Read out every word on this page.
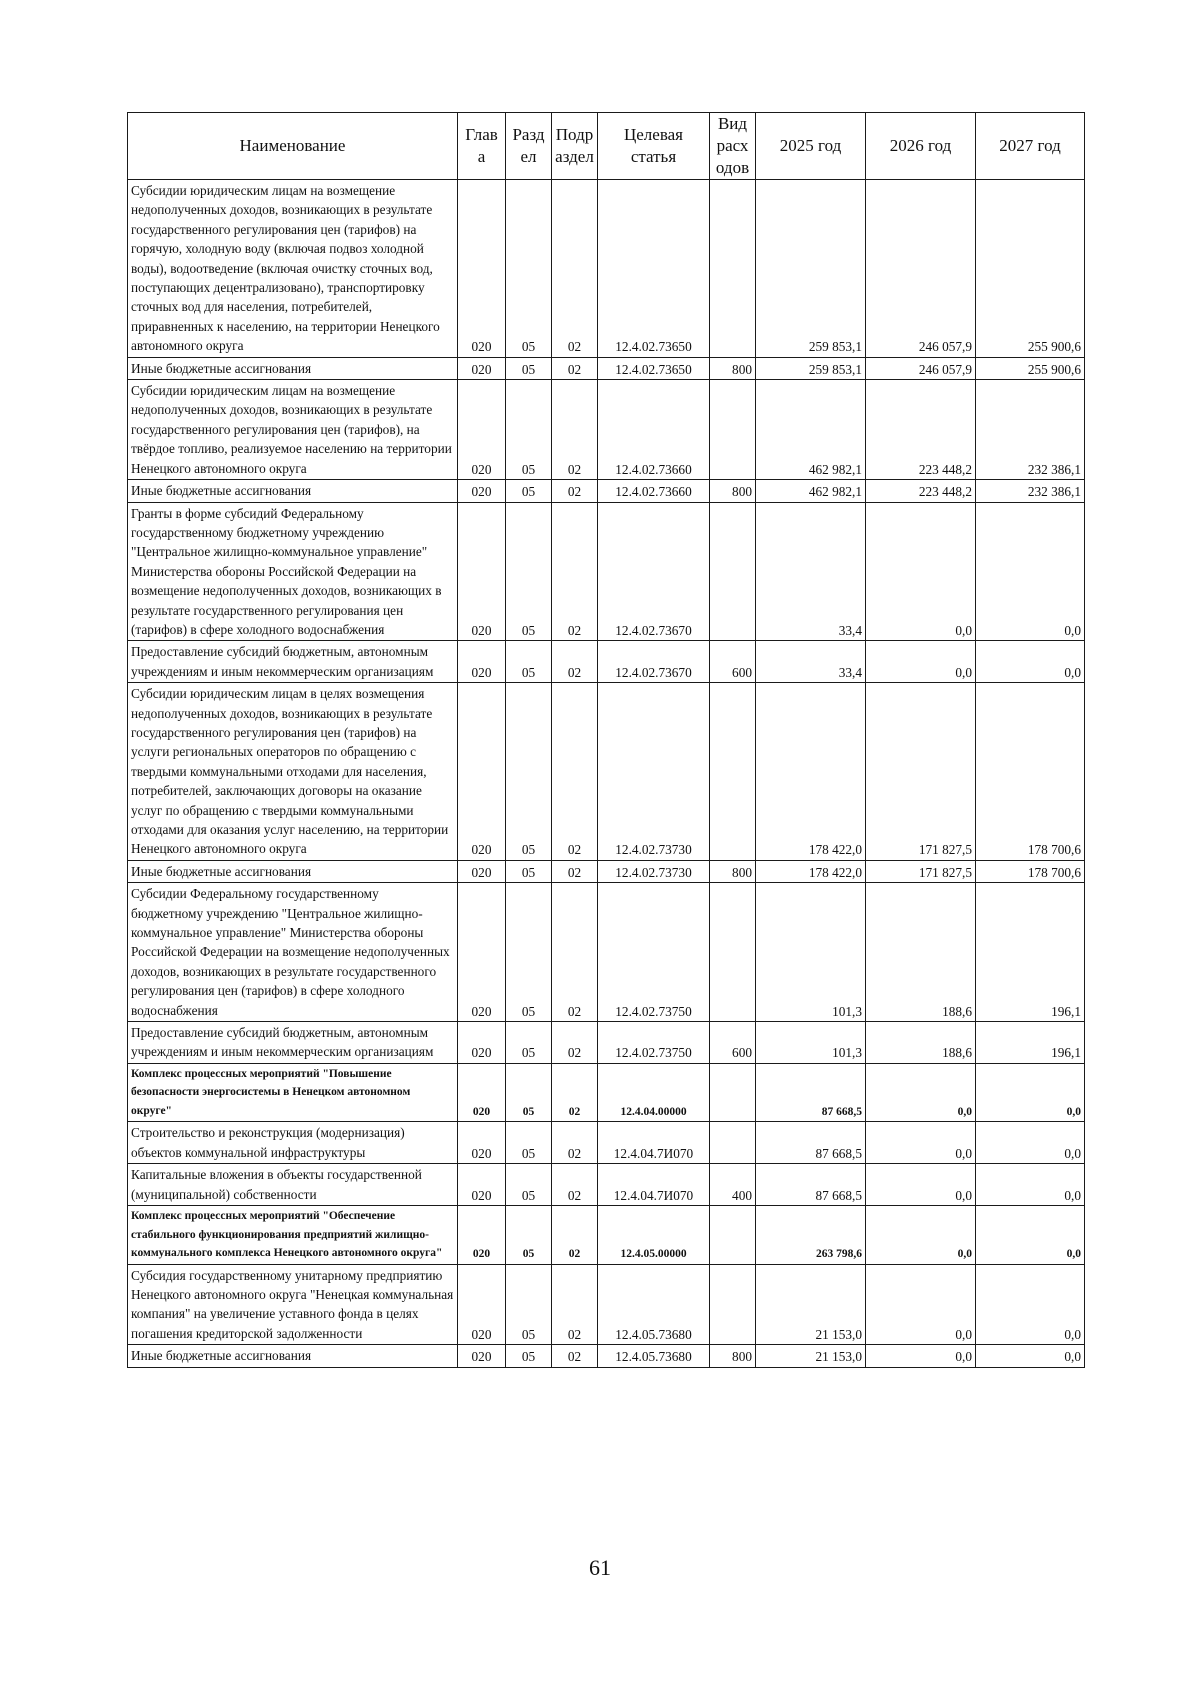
Наименование	Глав а	Разд ел	Подр аздел	Целевая статья	Вид расх одов	2025 год	2026 год	2027 год
Субсидии юридическим лицам на возмещение недополученных доходов, возникающих в результате государственного регулирования цен (тарифов) на горячую, холодную воду (включая подвоз холодной воды), водоотведение (включая очистку сточных вод, поступающих децентрализовано), транспортировку сточных вод для населения, потребителей, приравненных к населению, на территории Ненецкого автономного округа	020	05	02	12.4.02.73650		259 853,1	246 057,9	255 900,6
Иные бюджетные ассигнования	020	05	02	12.4.02.73650	800	259 853,1	246 057,9	255 900,6
Субсидии юридическим лицам на возмещение недополученных доходов, возникающих в результате государственного регулирования цен (тарифов), на твёрдое топливо, реализуемое населению на территории Ненецкого автономного округа	020	05	02	12.4.02.73660		462 982,1	223 448,2	232 386,1
Иные бюджетные ассигнования	020	05	02	12.4.02.73660	800	462 982,1	223 448,2	232 386,1
Гранты в форме субсидий Федеральному государственному бюджетному учреждению "Центральное жилищно-коммунальное управление" Министерства обороны Российской Федерации на возмещение недополученных доходов, возникающих в результате государственного регулирования цен (тарифов) в сфере холодного водоснабжения	020	05	02	12.4.02.73670		33,4	0,0	0,0
Предоставление субсидий бюджетным, автономным учреждениям и иным некоммерческим организациям	020	05	02	12.4.02.73670	600	33,4	0,0	0,0
Субсидии юридическим лицам в целях возмещения недополученных доходов, возникающих в результате государственного регулирования цен (тарифов) на услуги региональных операторов по обращению с твердыми коммунальными отходами для населения, потребителей, заключающих договоры на оказание услуг по обращению с твердыми коммунальными отходами для оказания услуг населению, на территории Ненецкого автономного округа	020	05	02	12.4.02.73730		178 422,0	171 827,5	178 700,6
Иные бюджетные ассигнования	020	05	02	12.4.02.73730	800	178 422,0	171 827,5	178 700,6
Субсидии Федеральному государственному бюджетному учреждению "Центральное жилищно-коммунальное управление" Министерства обороны Российской Федерации на возмещение недополученных доходов, возникающих в результате государственного регулирования цен (тарифов) в сфере холодного водоснабжения	020	05	02	12.4.02.73750		101,3	188,6	196,1
Предоставление субсидий бюджетным, автономным учреждениям и иным некоммерческим организациям	020	05	02	12.4.02.73750	600	101,3	188,6	196,1
Комплекс процессных мероприятий "Повышение безопасности энергосистемы в Ненецком автономном округе"	020	05	02	12.4.04.00000		87 668,5	0,0	0,0
Строительство и реконструкция (модернизация) объектов коммунальной инфраструктуры	020	05	02	12.4.04.7И070		87 668,5	0,0	0,0
Капитальные вложения в объекты государственной (муниципальной) собственности	020	05	02	12.4.04.7И070	400	87 668,5	0,0	0,0
Комплекс процессных мероприятий "Обеспечение стабильного функционирования предприятий жилищно-коммунального комплекса Ненецкого автономного округа"	020	05	02	12.4.05.00000		263 798,6	0,0	0,0
Субсидия государственному унитарному предприятию Ненецкого автономного округа "Ненецкая коммунальная компания" на увеличение уставного фонда в целях погашения кредиторской задолженности	020	05	02	12.4.05.73680		21 153,0	0,0	0,0
Иные бюджетные ассигнования	020	05	02	12.4.05.73680	800	21 153,0	0,0	0,0
61
